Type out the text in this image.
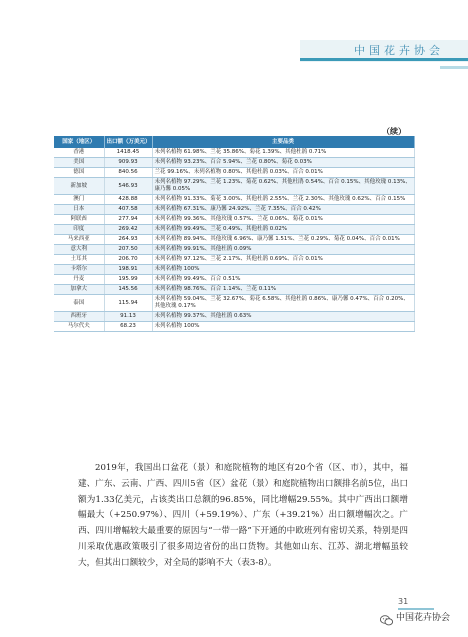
中国花卉协会
（续）
国家（地区）	出口额（万美元）	主要品类
香港	1418.45	未列名植物 61.98%、兰花 35.86%、菊花 1.39%、其他杜鹃 0.71%
美国	909.93	未列名植物 93.23%、百合 5.94%、兰花 0.80%、菊花 0.03%
德国	840.56	兰花 99.16%、未列名植物 0.80%、其他杜鹃 0.03%、百合 0.01%
新加坡	546.93	未列名植物 97.29%、兰花 1.23%、菊花 0.62%、其他杜鹃 0.54%、百合 0.15%、其他玫瑰 0.13%、康乃馨 0.05%
澳门	428.88	未列名植物 91.33%、菊花 3.00%、其他杜鹃 2.55%、兰花 2.30%、其他玫瑰 0.62%、百合 0.15%
日本	407.58	未列名植物 67.31%、康乃馨 24.92%、兰花 7.35%、百合 0.42%
阿联酋	277.94	未列名植物 99.36%、其他玫瑰 0.57%、兰花 0.06%、菊花 0.01%
印度	269.42	未列名植物 99.49%、兰花 0.49%、其他杜鹃 0.02%
马来西亚	264.93	未列名植物 89.94%、其他玫瑰 6.96%、康乃馨 1.51%、兰花 0.29%、菊花 0.04%、百合 0.01%
意大利	207.50	未列名植物 99.91%、其他杜鹃 0.09%
土耳其	206.70	未列名植物 97.12%、兰花 2.17%、其他杜鹃 0.69%、百合 0.01%
卡塔尔	198.91	未列名植物 100%
丹麦	195.99	未列名植物 99.49%、百合 0.51%
加拿大	145.56	未列名植物 98.76%、百合 1.14%、兰花 0.11%
泰国	115.94	未列名植物 59.04%、兰花 32.67%、菊花 6.58%、其他杜鹃 0.86%、康乃馨 0.47%、百合 0.20%、其他玫瑰 0.17%
西班牙	91.13	未列名植物 99.37%、其他杜鹃 0.63%
马尔代夫	68.23	未列名植物 100%

2019年，我国出口盆花（景）和庭院植物的地区有20个省（区、市），其中，福建、广东、云南、广西、四川5省（区）盆花（景）和庭院植物出口额排名前5位，出口额为1.33亿美元，占该类出口总额的96.85%，同比增幅29.55%。其中广西出口额增幅最大（+250.97%）、四川（+59.19%）、广东（+39.21%）出口额增幅次之。广西、四川增幅较大最重要的原因与“一带一路”下开通的中欧班列有密切关系，特别是四川采取优惠政策吸引了很多周边省份的出口货物。其他如山东、江苏、湖北增幅虽较大，但其出口额较少，对全局的影响不大（表3-8）。

31
中国花卉协会
